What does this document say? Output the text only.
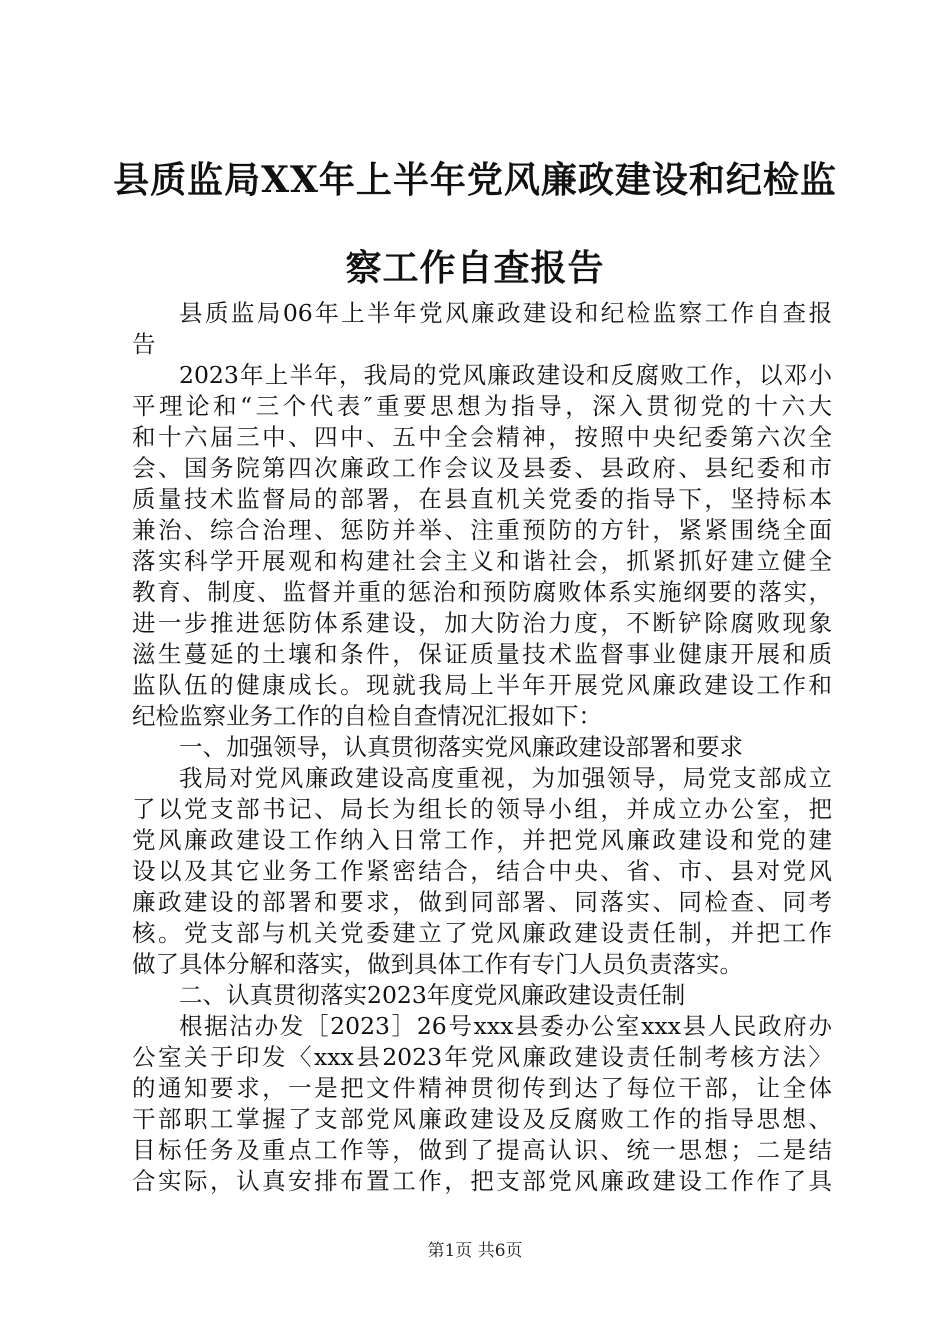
县质监局XX年上半年党风廉政建设和纪检监
察工作自查报告
县质监局06年上半年党风廉政建设和纪检监察工作自查报
告
2023年上半年，我局的党风廉政建设和反腐败工作，以邓小
平理论和“三个代表″重要思想为指导，深入贯彻党的十六大
和十六届三中、四中、五中全会精神，按照中央纪委第六次全
会、国务院第四次廉政工作会议及县委、县政府、县纪委和市
质量技术监督局的部署，在县直机关党委的指导下，坚持标本
兼治、综合治理、惩防并举、注重预防的方针，紧紧围绕全面
落实科学开展观和构建社会主义和谐社会，抓紧抓好建立健全
教育、制度、监督并重的惩治和预防腐败体系实施纲要的落实，
进一步推进惩防体系建设，加大防治力度，不断铲除腐败现象
滋生蔓延的土壤和条件，保证质量技术监督事业健康开展和质
监队伍的健康成长。现就我局上半年开展党风廉政建设工作和
纪检监察业务工作的自检自查情况汇报如下：
一、加强领导，认真贯彻落实党风廉政建设部署和要求
我局对党风廉政建设高度重视，为加强领导，局党支部成立
了以党支部书记、局长为组长的领导小组，并成立办公室，把
党风廉政建设工作纳入日常工作，并把党风廉政建设和党的建
设以及其它业务工作紧密结合，结合中央、省、市、县对党风
廉政建设的部署和要求，做到同部署、同落实、同检查、同考
核。党支部与机关党委建立了党风廉政建设责任制，并把工作
做了具体分解和落实，做到具体工作有专门人员负责落实。
二、认真贯彻落实2023年度党风廉政建设责任制
根据沽办发［2023］26号xxx县委办公室xxx县人民政府办
公室关于印发〈xxx县2023年党风廉政建设责任制考核方法〉
的通知要求，一是把文件精神贯彻传到达了每位干部，让全体
干部职工掌握了支部党风廉政建设及反腐败工作的指导思想、
目标任务及重点工作等，做到了提高认识、统一思想；二是结
合实际，认真安排布置工作，把支部党风廉政建设工作作了具
第1页 共6页
